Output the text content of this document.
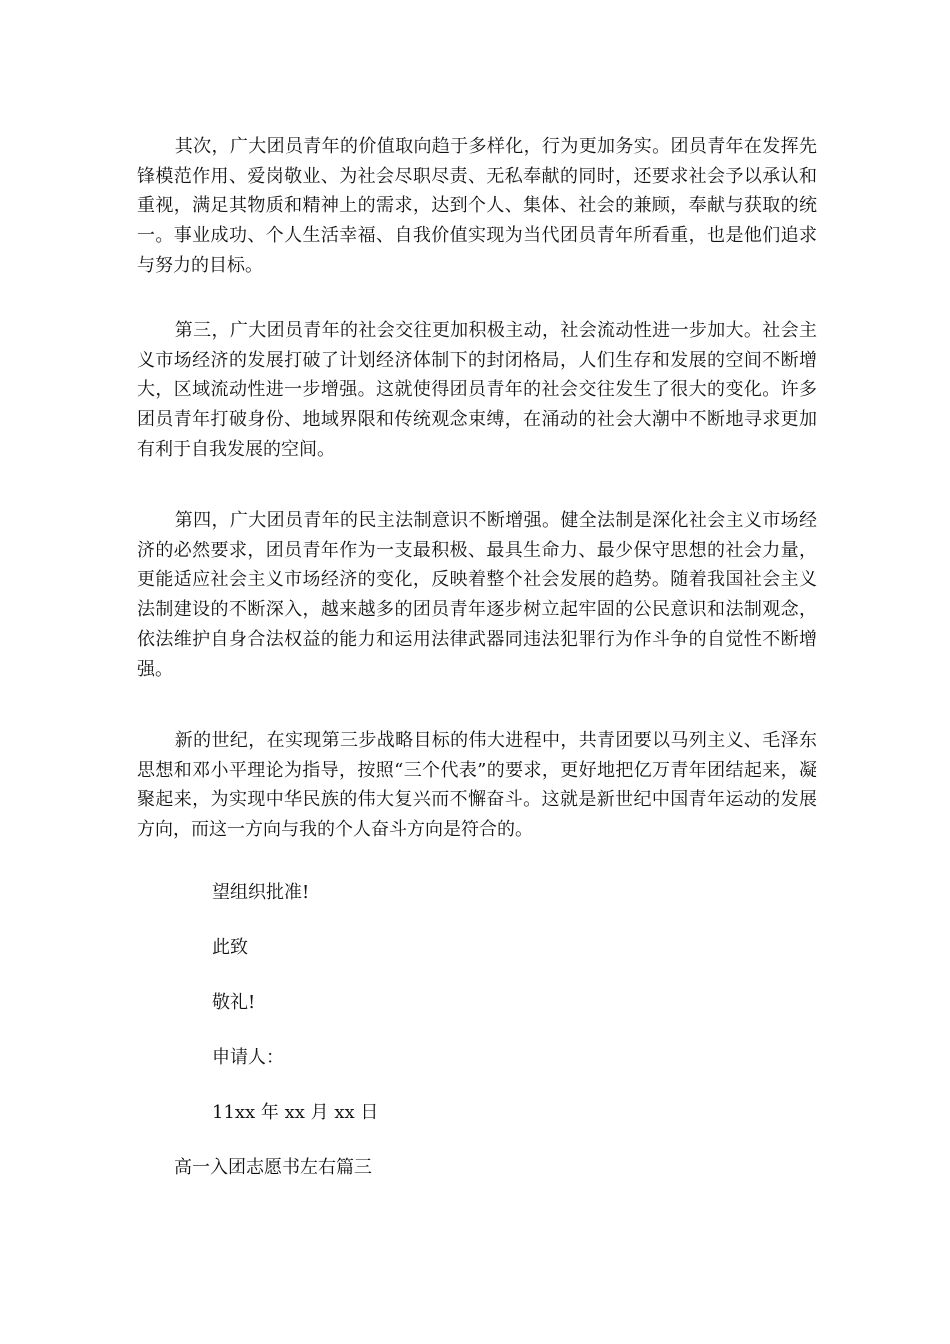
其次，广大团员青年的价值取向趋于多样化，行为更加务实。团员青年在发挥先锋模范作用、爱岗敬业、为社会尽职尽责、无私奉献的同时，还要求社会予以承认和重视，满足其物质和精神上的需求，达到个人、集体、社会的兼顾，奉献与获取的统一。事业成功、个人生活幸福、自我价值实现为当代团员青年所看重，也是他们追求与努力的目标。

第三，广大团员青年的社会交往更加积极主动，社会流动性进一步加大。社会主义市场经济的发展打破了计划经济体制下的封闭格局，人们生存和发展的空间不断增大，区域流动性进一步增强。这就使得团员青年的社会交往发生了很大的变化。许多团员青年打破身份、地域界限和传统观念束缚，在涌动的社会大潮中不断地寻求更加有利于自我发展的空间。

第四，广大团员青年的民主法制意识不断增强。健全法制是深化社会主义市场经济的必然要求，团员青年作为一支最积极、最具生命力、最少保守思想的社会力量，更能适应社会主义市场经济的变化，反映着整个社会发展的趋势。随着我国社会主义法制建设的不断深入，越来越多的团员青年逐步树立起牢固的公民意识和法制观念，依法维护自身合法权益的能力和运用法律武器同违法犯罪行为作斗争的自觉性不断增强。

新的世纪，在实现第三步战略目标的伟大进程中，共青团要以马列主义、毛泽东思想和邓小平理论为指导，按照“三个代表”的要求，更好地把亿万青年团结起来，凝聚起来，为实现中华民族的伟大复兴而不懈奋斗。这就是新世纪中国青年运动的发展方向，而这一方向与我的个人奋斗方向是符合的。

望组织批准!

此致

敬礼!

申请人：

11xx 年 xx 月 xx 日

高一入团志愿书左右篇三
